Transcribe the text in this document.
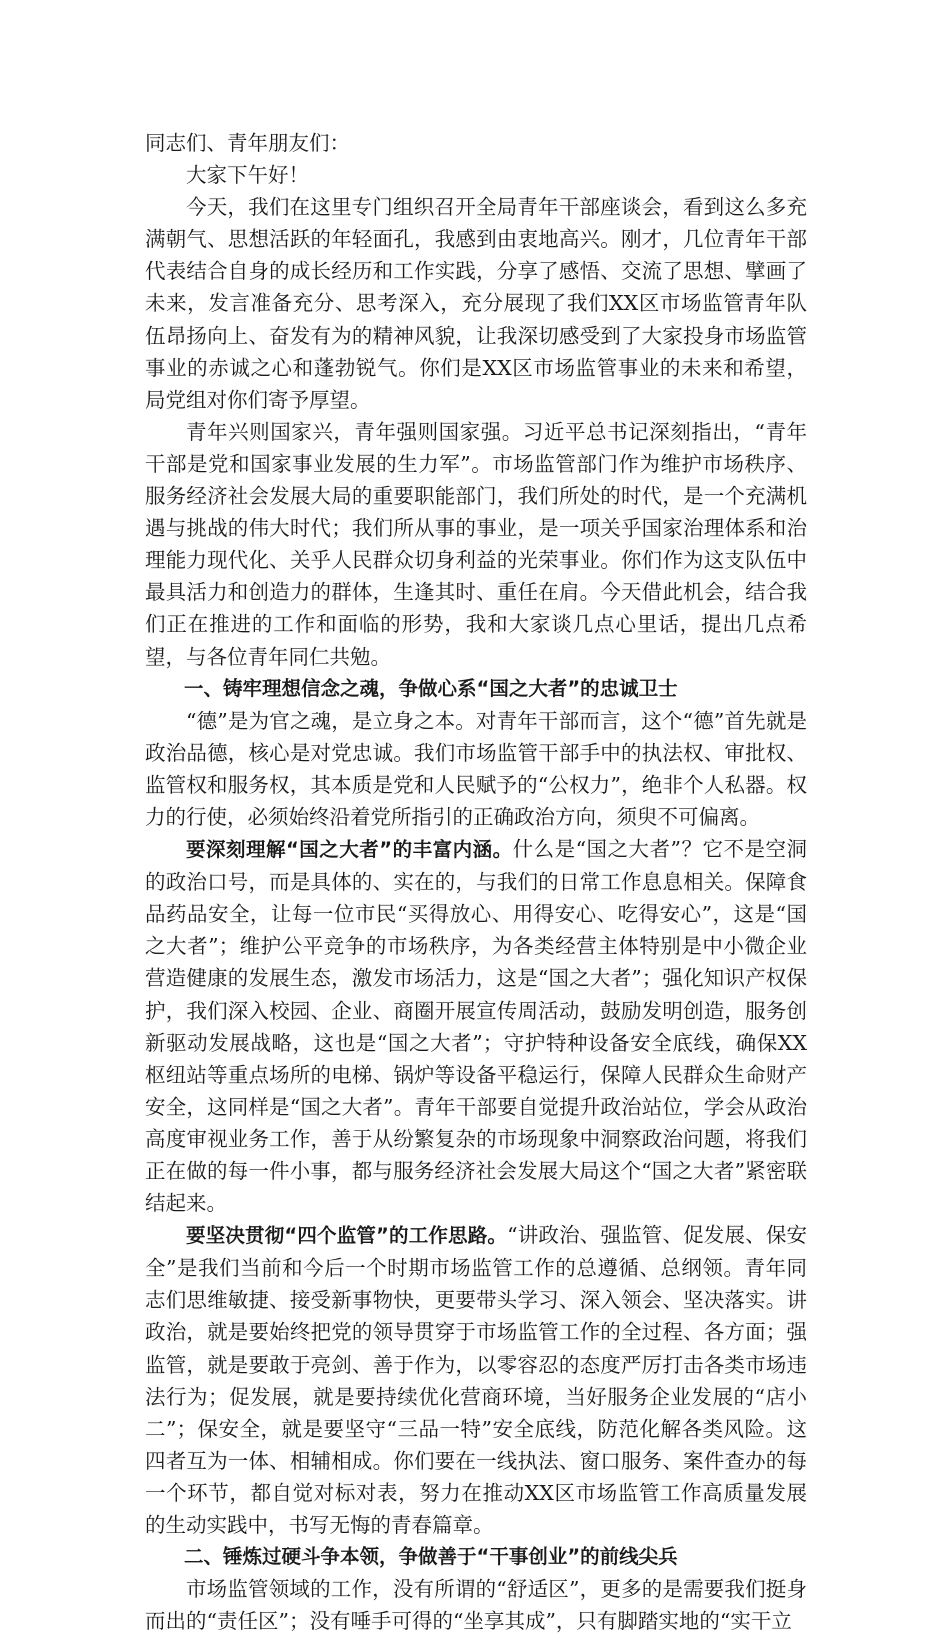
同志们、青年朋友们：

大家下午好！

今天，我们在这里专门组织召开全局青年干部座谈会，看到这么多充满朝气、思想活跃的年轻面孔，我感到由衷地高兴。刚才，几位青年干部代表结合自身的成长经历和工作实践，分享了感悟、交流了思想、擘画了未来，发言准备充分、思考深入，充分展现了我们XX区市场监管青年队伍昂扬向上、奋发有为的精神风貌，让我深切感受到了大家投身市场监管事业的赤诚之心和蓬勃锐气。你们是XX区市场监管事业的未来和希望，局党组对你们寄予厚望。

青年兴则国家兴，青年强则国家强。习近平总书记深刻指出，“青年干部是党和国家事业发展的生力军”。市场监管部门作为维护市场秩序、服务经济社会发展大局的重要职能部门，我们所处的时代，是一个充满机遇与挑战的伟大时代；我们所从事的事业，是一项关乎国家治理体系和治理能力现代化、关乎人民群众切身利益的光荣事业。你们作为这支队伍中最具活力和创造力的群体，生逢其时、重任在肩。今天借此机会，结合我们正在推进的工作和面临的形势，我和大家谈几点心里话，提出几点希望，与各位青年同仁共勉。

一、铸牢理想信念之魂，争做心系“国之大者”的忠诚卫士

“德”是为官之魂，是立身之本。对青年干部而言，这个“德”首先就是政治品德，核心是对党忠诚。我们市场监管干部手中的执法权、审批权、监管权和服务权，其本质是党和人民赋予的“公权力”，绝非个人私器。权力的行使，必须始终沿着党所指引的正确政治方向，须臾不可偏离。

要深刻理解“国之大者”的丰富内涵。什么是“国之大者”？它不是空洞的政治口号，而是具体的、实在的，与我们的日常工作息息相关。保障食品药品安全，让每一位市民“买得放心、用得安心、吃得安心”，这是“国之大者”；维护公平竞争的市场秩序，为各类经营主体特别是中小微企业营造健康的发展生态，激发市场活力，这是“国之大者”；强化知识产权保护，我们深入校园、企业、商圈开展宣传周活动，鼓励发明创造，服务创新驱动发展战略，这也是“国之大者”；守护特种设备安全底线，确保XX枢纽站等重点场所的电梯、锅炉等设备平稳运行，保障人民群众生命财产安全，这同样是“国之大者”。青年干部要自觉提升政治站位，学会从政治高度审视业务工作，善于从纷繁复杂的市场现象中洞察政治问题，将我们正在做的每一件小事，都与服务经济社会发展大局这个“国之大者”紧密联结起来。

要坚决贯彻“四个监管”的工作思路。“讲政治、强监管、促发展、保安全”是我们当前和今后一个时期市场监管工作的总遵循、总纲领。青年同志们思维敏捷、接受新事物快，更要带头学习、深入领会、坚决落实。讲政治，就是要始终把党的领导贯穿于市场监管工作的全过程、各方面；强监管，就是要敢于亮剑、善于作为，以零容忍的态度严厉打击各类市场违法行为；促发展，就是要持续优化营商环境，当好服务企业发展的“店小二”；保安全，就是要坚守“三品一特”安全底线，防范化解各类风险。这四者互为一体、相辅相成。你们要在一线执法、窗口服务、案件查办的每一个环节，都自觉对标对表，努力在推动XX区市场监管工作高质量发展的生动实践中，书写无悔的青春篇章。

二、锤炼过硬斗争本领，争做善于“干事创业”的前线尖兵

市场监管领域的工作，没有所谓的“舒适区”，更多的是需要我们挺身而出的“责任区”；没有唾手可得的“坐享其成”，只有脚踏实地的“实干立
